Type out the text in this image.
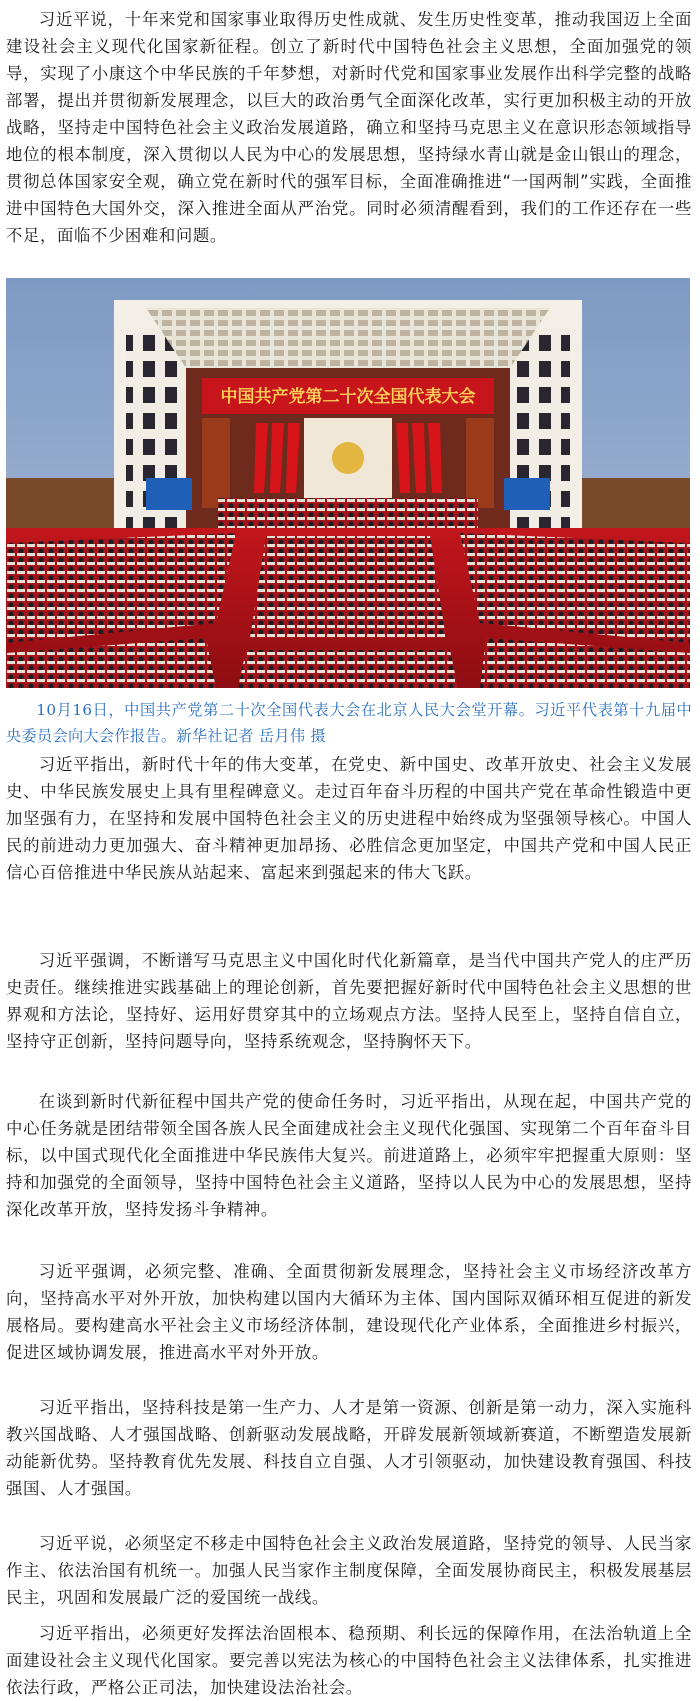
习近平说，十年来党和国家事业取得历史性成就、发生历史性变革，推动我国迈上全面建设社会主义现代化国家新征程。创立了新时代中国特色社会主义思想，全面加强党的领导，实现了小康这个中华民族的千年梦想，对新时代党和国家事业发展作出科学完整的战略部署，提出并贯彻新发展理念，以巨大的政治勇气全面深化改革，实行更加积极主动的开放战略，坚持走中国特色社会主义政治发展道路，确立和坚持马克思主义在意识形态领域指导地位的根本制度，深入贯彻以人民为中心的发展思想，坚持绿水青山就是金山银山的理念，贯彻总体国家安全观，确立党在新时代的强军目标，全面准确推进“一国两制”实践，全面推进中国特色大国外交，深入推进全面从严治党。同时必须清醒看到，我们的工作还存在一些不足，面临不少困难和问题。

中国共产党第二十次全国代表大会

10月16日，中国共产党第二十次全国代表大会在北京人民大会堂开幕。习近平代表第十九届中央委员会向大会作报告。新华社记者 岳月伟 摄

习近平指出，新时代十年的伟大变革，在党史、新中国史、改革开放史、社会主义发展史、中华民族发展史上具有里程碑意义。走过百年奋斗历程的中国共产党在革命性锻造中更加坚强有力，在坚持和发展中国特色社会主义的历史进程中始终成为坚强领导核心。中国人民的前进动力更加强大、奋斗精神更加昂扬、必胜信念更加坚定，中国共产党和中国人民正信心百倍推进中华民族从站起来、富起来到强起来的伟大飞跃。

习近平强调，不断谱写马克思主义中国化时代化新篇章，是当代中国共产党人的庄严历史责任。继续推进实践基础上的理论创新，首先要把握好新时代中国特色社会主义思想的世界观和方法论，坚持好、运用好贯穿其中的立场观点方法。坚持人民至上，坚持自信自立，坚持守正创新，坚持问题导向，坚持系统观念，坚持胸怀天下。

在谈到新时代新征程中国共产党的使命任务时，习近平指出，从现在起，中国共产党的中心任务就是团结带领全国各族人民全面建成社会主义现代化强国、实现第二个百年奋斗目标，以中国式现代化全面推进中华民族伟大复兴。前进道路上，必须牢牢把握重大原则：坚持和加强党的全面领导，坚持中国特色社会主义道路，坚持以人民为中心的发展思想，坚持深化改革开放，坚持发扬斗争精神。

习近平强调，必须完整、准确、全面贯彻新发展理念，坚持社会主义市场经济改革方向，坚持高水平对外开放，加快构建以国内大循环为主体、国内国际双循环相互促进的新发展格局。要构建高水平社会主义市场经济体制，建设现代化产业体系，全面推进乡村振兴，促进区域协调发展，推进高水平对外开放。

习近平指出，坚持科技是第一生产力、人才是第一资源、创新是第一动力，深入实施科教兴国战略、人才强国战略、创新驱动发展战略，开辟发展新领域新赛道，不断塑造发展新动能新优势。坚持教育优先发展、科技自立自强、人才引领驱动，加快建设教育强国、科技强国、人才强国。

习近平说，必须坚定不移走中国特色社会主义政治发展道路，坚持党的领导、人民当家作主、依法治国有机统一。加强人民当家作主制度保障，全面发展协商民主，积极发展基层民主，巩固和发展最广泛的爱国统一战线。

习近平指出，必须更好发挥法治固根本、稳预期、利长远的保障作用，在法治轨道上全面建设社会主义现代化国家。要完善以宪法为核心的中国特色社会主义法律体系，扎实推进依法行政，严格公正司法，加快建设法治社会。
